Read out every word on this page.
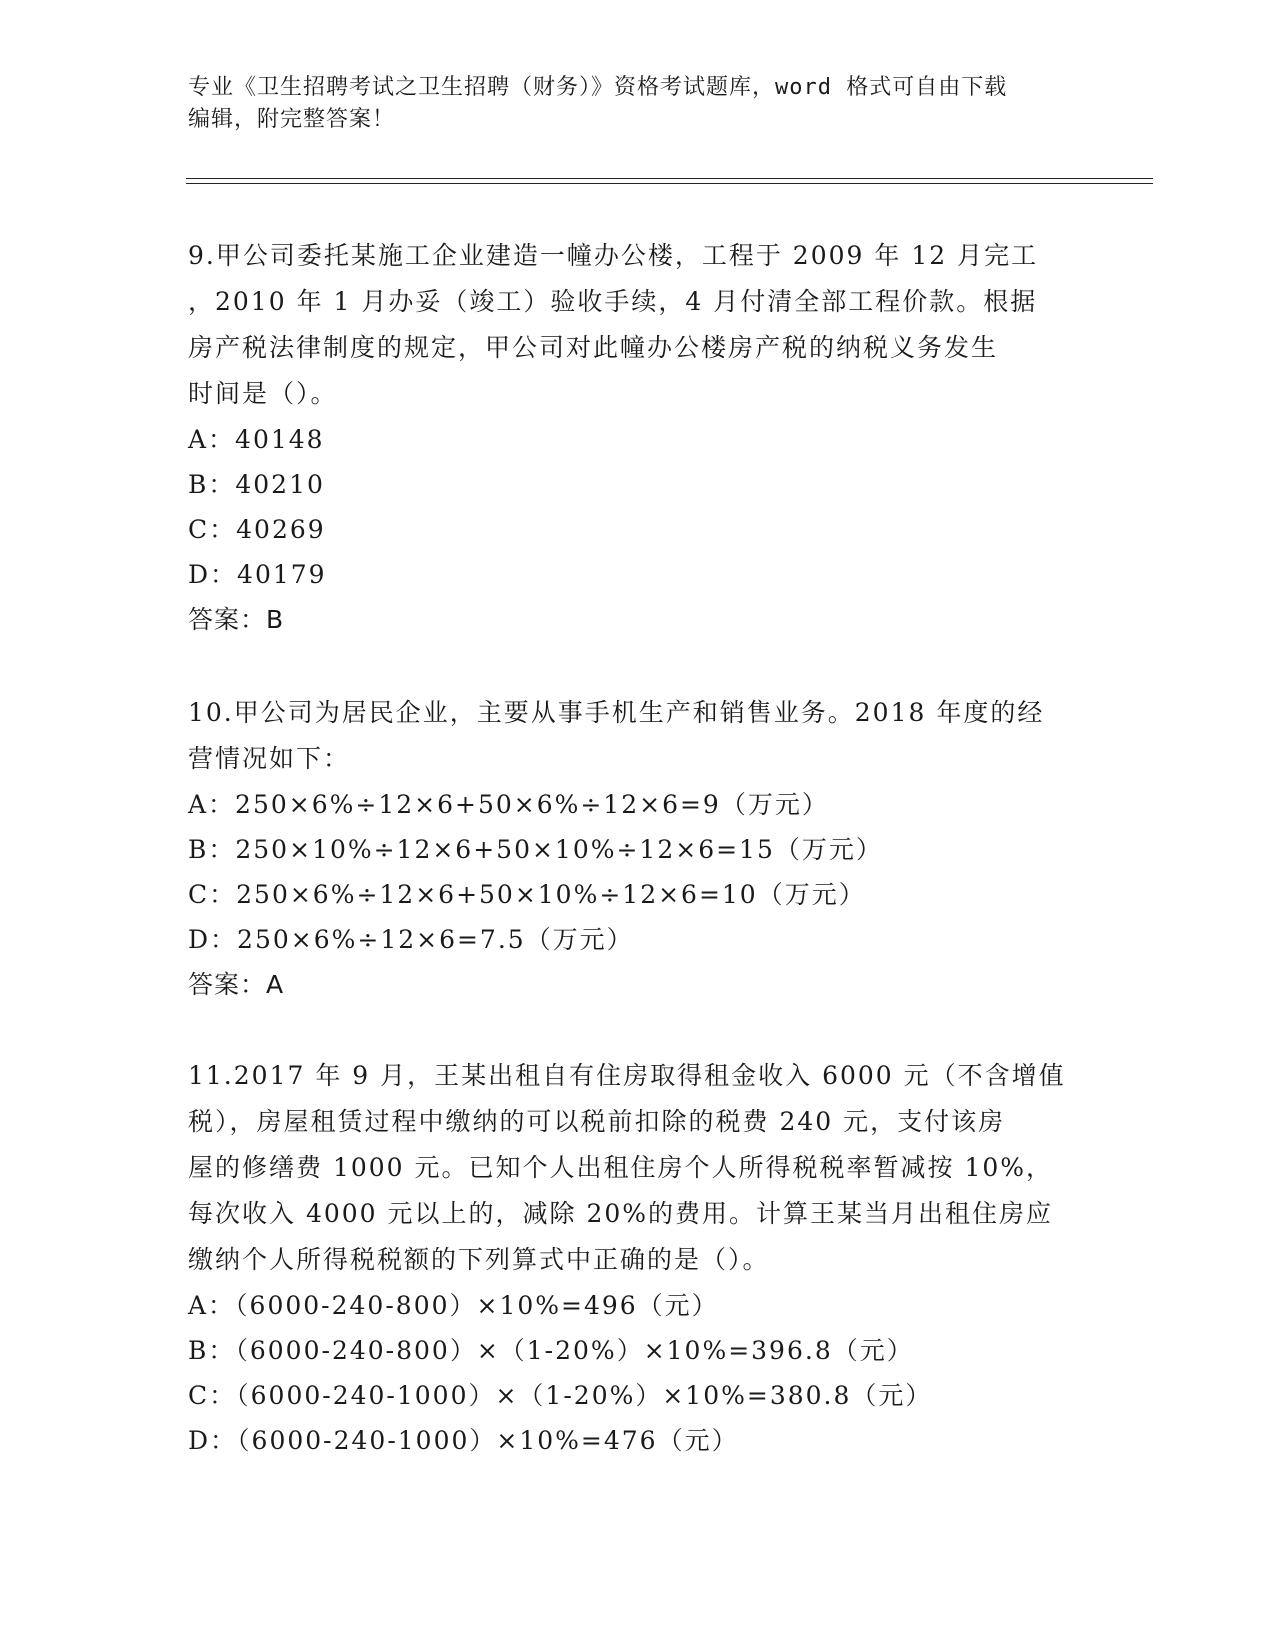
专业《卫生招聘考试之卫生招聘（财务）》资格考试题库，word 格式可自由下载
编辑，附完整答案！
9.甲公司委托某施工企业建造一幢办公楼，工程于 2009 年 12 月完工
，2010 年 1 月办妥（竣工）验收手续，4 月付清全部工程价款。根据
房产税法律制度的规定，甲公司对此幢办公楼房产税的纳税义务发生
时间是（）。
A：40148
B：40210
C：40269
D：40179
答案：B
10.甲公司为居民企业，主要从事手机生产和销售业务。2018 年度的经
营情况如下：
A：250×6%÷12×6+50×6%÷12×6=9（万元）
B：250×10%÷12×6+50×10%÷12×6=15（万元）
C：250×6%÷12×6+50×10%÷12×6=10（万元）
D：250×6%÷12×6=7.5（万元）
答案：A
11.2017 年 9 月，王某出租自有住房取得租金收入 6000 元（不含增值
税），房屋租赁过程中缴纳的可以税前扣除的税费 240 元，支付该房
屋的修缮费 1000 元。已知个人出租住房个人所得税税率暂减按 10%，
每次收入 4000 元以上的，减除 20%的费用。计算王某当月出租住房应
缴纳个人所得税税额的下列算式中正确的是（）。
A：（6000-240-800）×10%=496（元）
B：（6000-240-800）×（1-20%）×10%=396.8（元）
C：（6000-240-1000）×（1-20%）×10%=380.8（元）
D：（6000-240-1000）×10%=476（元）
